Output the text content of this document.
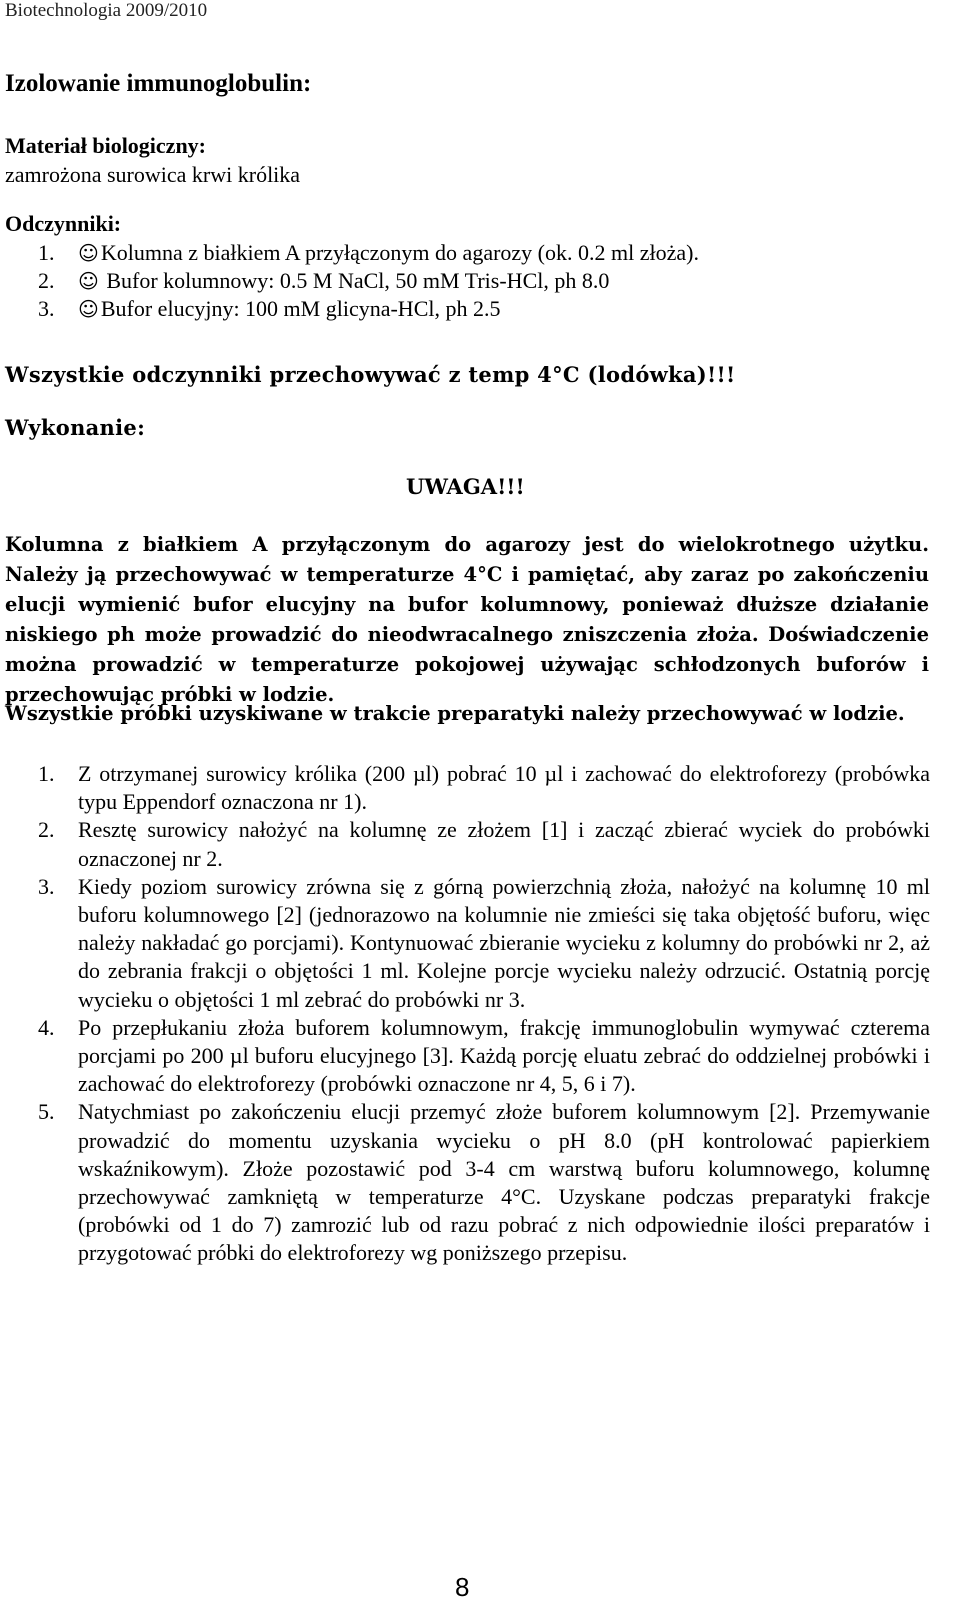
Biotechnologia 2009/2010
Izolowanie immunoglobulin:
Materiał biologiczny:
zamrożona surowica krwi królika
Odczynniki:
1. ☺Kolumna z białkiem A przyłączonym do agarozy (ok. 0.2 ml złoża).
2. ☺ Bufor kolumnowy: 0.5 M NaCl, 50 mM Tris-HCl, ph 8.0
3. ☺Bufor elucyjny: 100 mM glicyna-HCl, ph 2.5
Wszystkie odczynniki przechowywać z temp 4°C (lodówka)!!!
Wykonanie:
UWAGA!!!

Kolumna z białkiem A przyłączonym do agarozy jest do wielokrotnego użytku. Należy ją przechowywać w temperaturze 4°C i pamiętać, aby zaraz po zakończeniu elucji wymienić bufor elucyjny na bufor kolumnowy, ponieważ dłuższe działanie niskiego ph może prowadzić do nieodwracalnego zniszczenia złoża. Doświadczenie można prowadzić w temperaturze pokojowej używając schłodzonych buforów i przechowując próbki w lodzie.

Wszystkie próbki uzyskiwane w trakcie preparatyki należy przechowywać w lodzie.

1. Z otrzymanej surowicy królika (200 µl) pobrać 10 µl i zachować do elektroforezy (probówka typu Eppendorf oznaczona nr 1).
2. Resztę surowicy nałożyć na kolumnę ze złożem [1] i zacząć zbierać wyciek do probówki oznaczonej nr 2.
3. Kiedy poziom surowicy zrówna się z górną powierzchnią złoża, nałożyć na kolumnę 10 ml buforu kolumnowego [2] (jednorazowo na kolumnie nie zmieści się taka objętość buforu, więc należy nakładać go porcjami). Kontynuować zbieranie wycieku z kolumny do probówki nr 2, aż do zebrania frakcji o objętości 1 ml. Kolejne porcje wycieku należy odrzucić. Ostatnią porcję wycieku o objętości 1 ml zebrać do probówki nr 3.
4. Po przepłukaniu złoża buforem kolumnowym, frakcję immunoglobulin wymywać czterema porcjami po 200 µl buforu elucyjnego [3]. Każdą porcję eluatu zebrać do oddzielnej probówki i zachować do elektroforezy (probówki oznaczone nr 4, 5, 6 i 7).
5. Natychmiast po zakończeniu elucji przemyć złoże buforem kolumnowym [2]. Przemywanie prowadzić do momentu uzyskania wycieku o pH 8.0 (pH kontrolować papierkiem wskaźnikowym). Złoże pozostawić pod 3-4 cm warstwą buforu kolumnowego, kolumnę przechowywać zamkniętą w temperaturze 4°C. Uzyskane podczas preparatyki frakcje (probówki od 1 do 7) zamrozić lub od razu pobrać z nich odpowiednie ilości preparatów i przygotować próbki do elektroforezy wg poniższego przepisu.
8
